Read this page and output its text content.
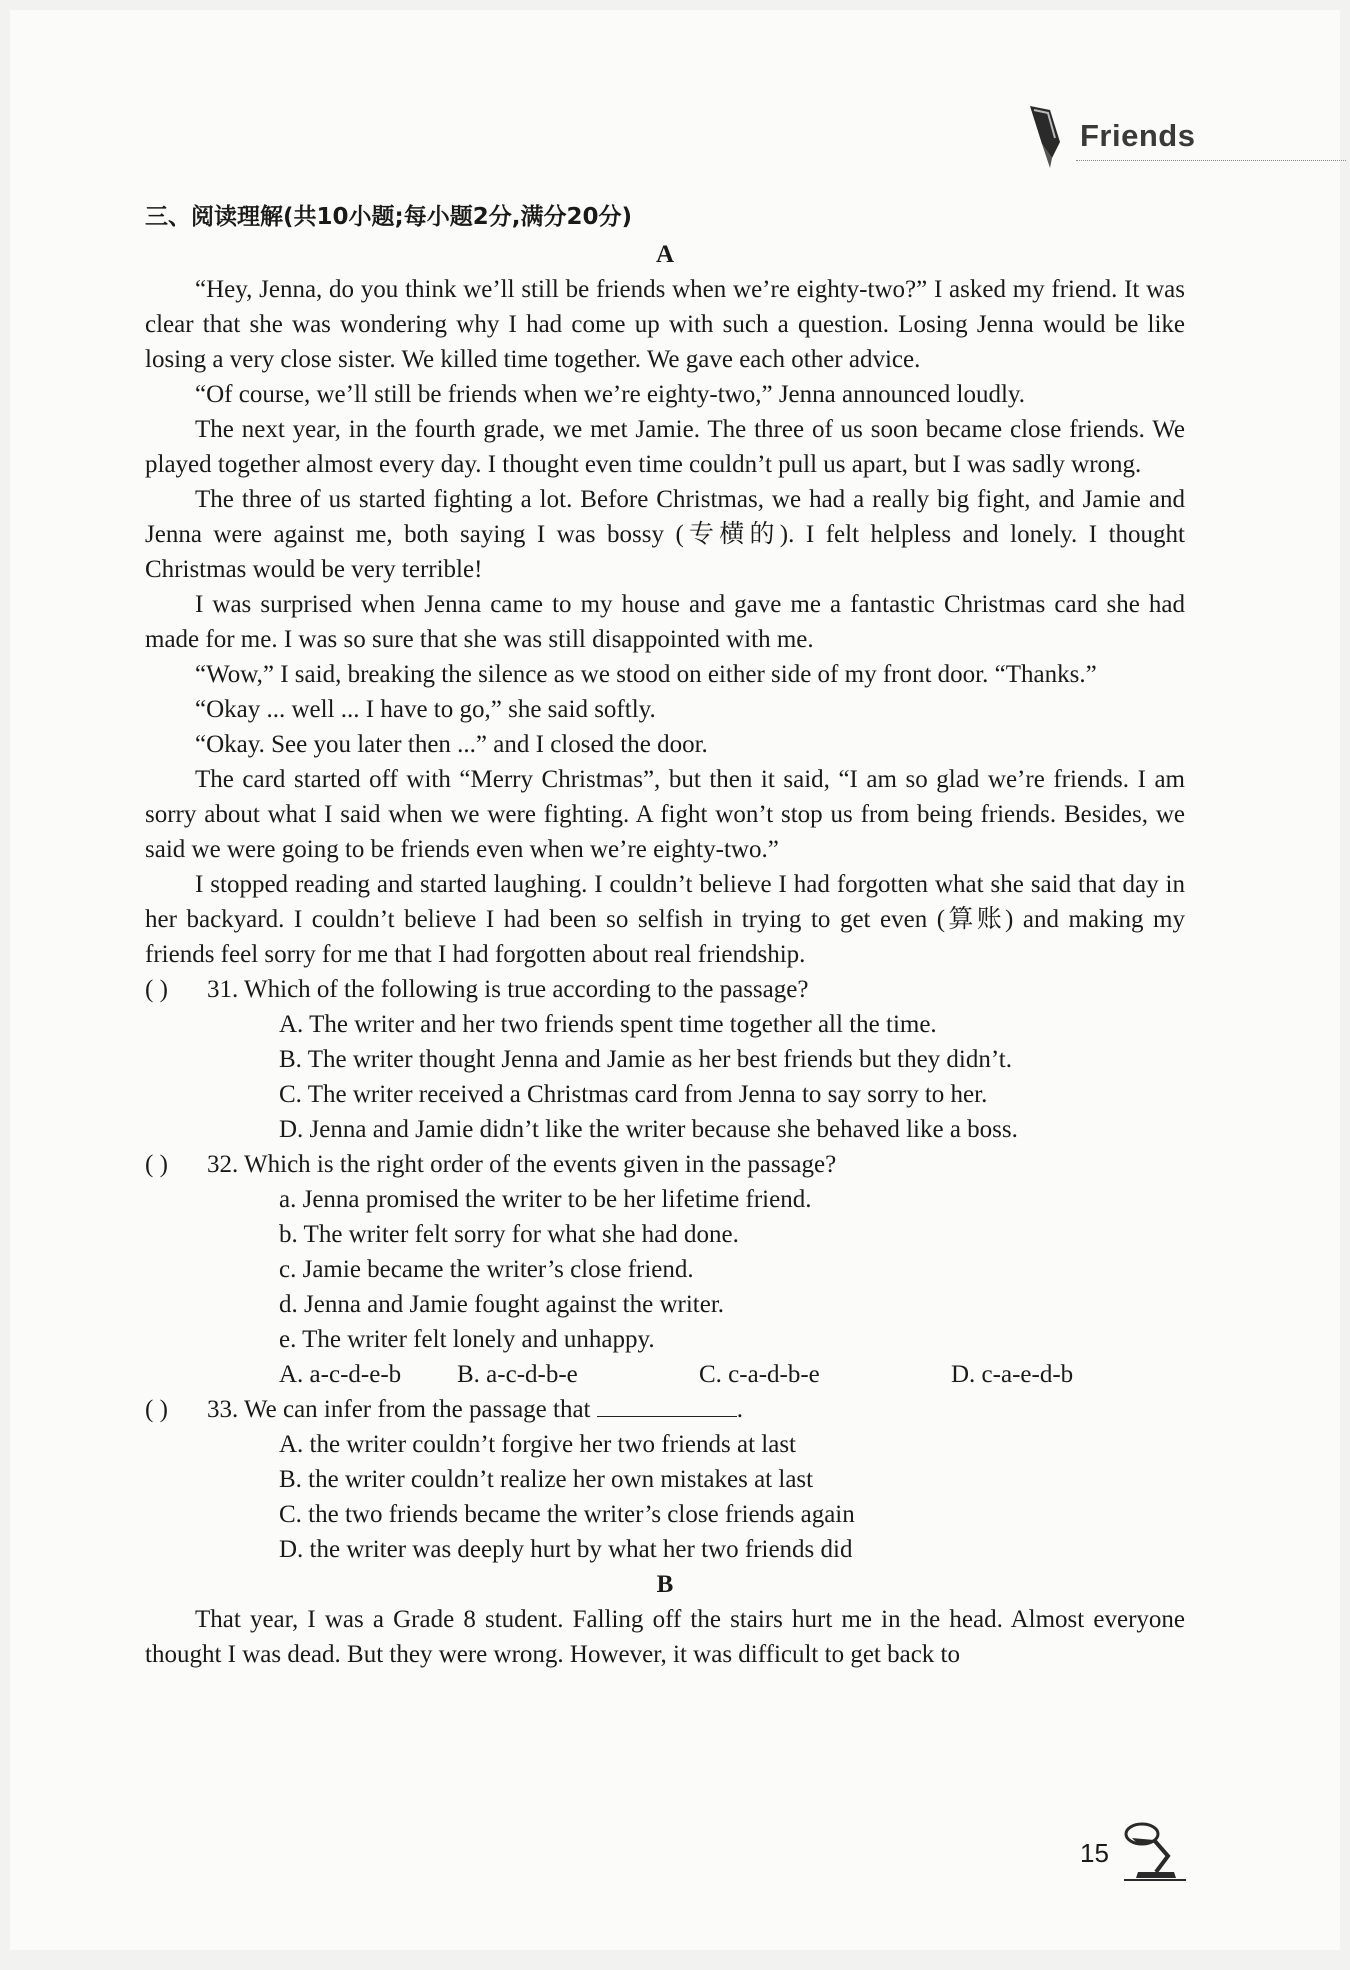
Friends
三、阅读理解(共10小题;每小题2分,满分20分)
A

“Hey, Jenna, do you think we’ll still be friends when we’re eighty-two?” I asked my friend. It was clear that she was wondering why I had come up with such a question. Losing Jenna would be like losing a very close sister. We killed time together. We gave each other advice.

“Of course, we’ll still be friends when we’re eighty-two,” Jenna announced loudly.

The next year, in the fourth grade, we met Jamie. The three of us soon became close friends. We played together almost every day. I thought even time couldn’t pull us apart, but I was sadly wrong.

The three of us started fighting a lot. Before Christmas, we had a really big fight, and Jamie and Jenna were against me, both saying I was bossy (专横的). I felt helpless and lonely. I thought Christmas would be very terrible!

I was surprised when Jenna came to my house and gave me a fantastic Christmas card she had made for me. I was so sure that she was still disappointed with me.

“Wow,” I said, breaking the silence as we stood on either side of my front door. “Thanks.”

“Okay ... well ... I have to go,” she said softly.

“Okay. See you later then ...” and I closed the door.

The card started off with “Merry Christmas”, but then it said, “I am so glad we’re friends. I am sorry about what I said when we were fighting. A fight won’t stop us from being friends. Besides, we said we were going to be friends even when we’re eighty-two.”

I stopped reading and started laughing. I couldn’t believe I had forgotten what she said that day in her backyard. I couldn’t believe I had been so selfish in trying to get even (算账) and making my friends feel sorry for me that I had forgotten about real friendship.

( )	31. Which of the following is true according to the passage?
A. The writer and her two friends spent time together all the time.
B. The writer thought Jenna and Jamie as her best friends but they didn’t.
C. The writer received a Christmas card from Jenna to say sorry to her.
D. Jenna and Jamie didn’t like the writer because she behaved like a boss.
( )	32. Which is the right order of the events given in the passage?
a. Jenna promised the writer to be her lifetime friend.
b. The writer felt sorry for what she had done.
c. Jamie became the writer’s close friend.
d. Jenna and Jamie fought against the writer.
e. The writer felt lonely and unhappy.
A. a-c-d-e-b	B. a-c-d-b-e	C. c-a-d-b-e	D. c-a-e-d-b
( )	33. We can infer from the passage that	.
A. the writer couldn’t forgive her two friends at last
B. the writer couldn’t realize her own mistakes at last
C. the two friends became the writer’s close friends again
D. the writer was deeply hurt by what her two friends did
B

That year, I was a Grade 8 student. Falling off the stairs hurt me in the head. Almost everyone thought I was dead. But they were wrong. However, it was difficult to get back to

15
